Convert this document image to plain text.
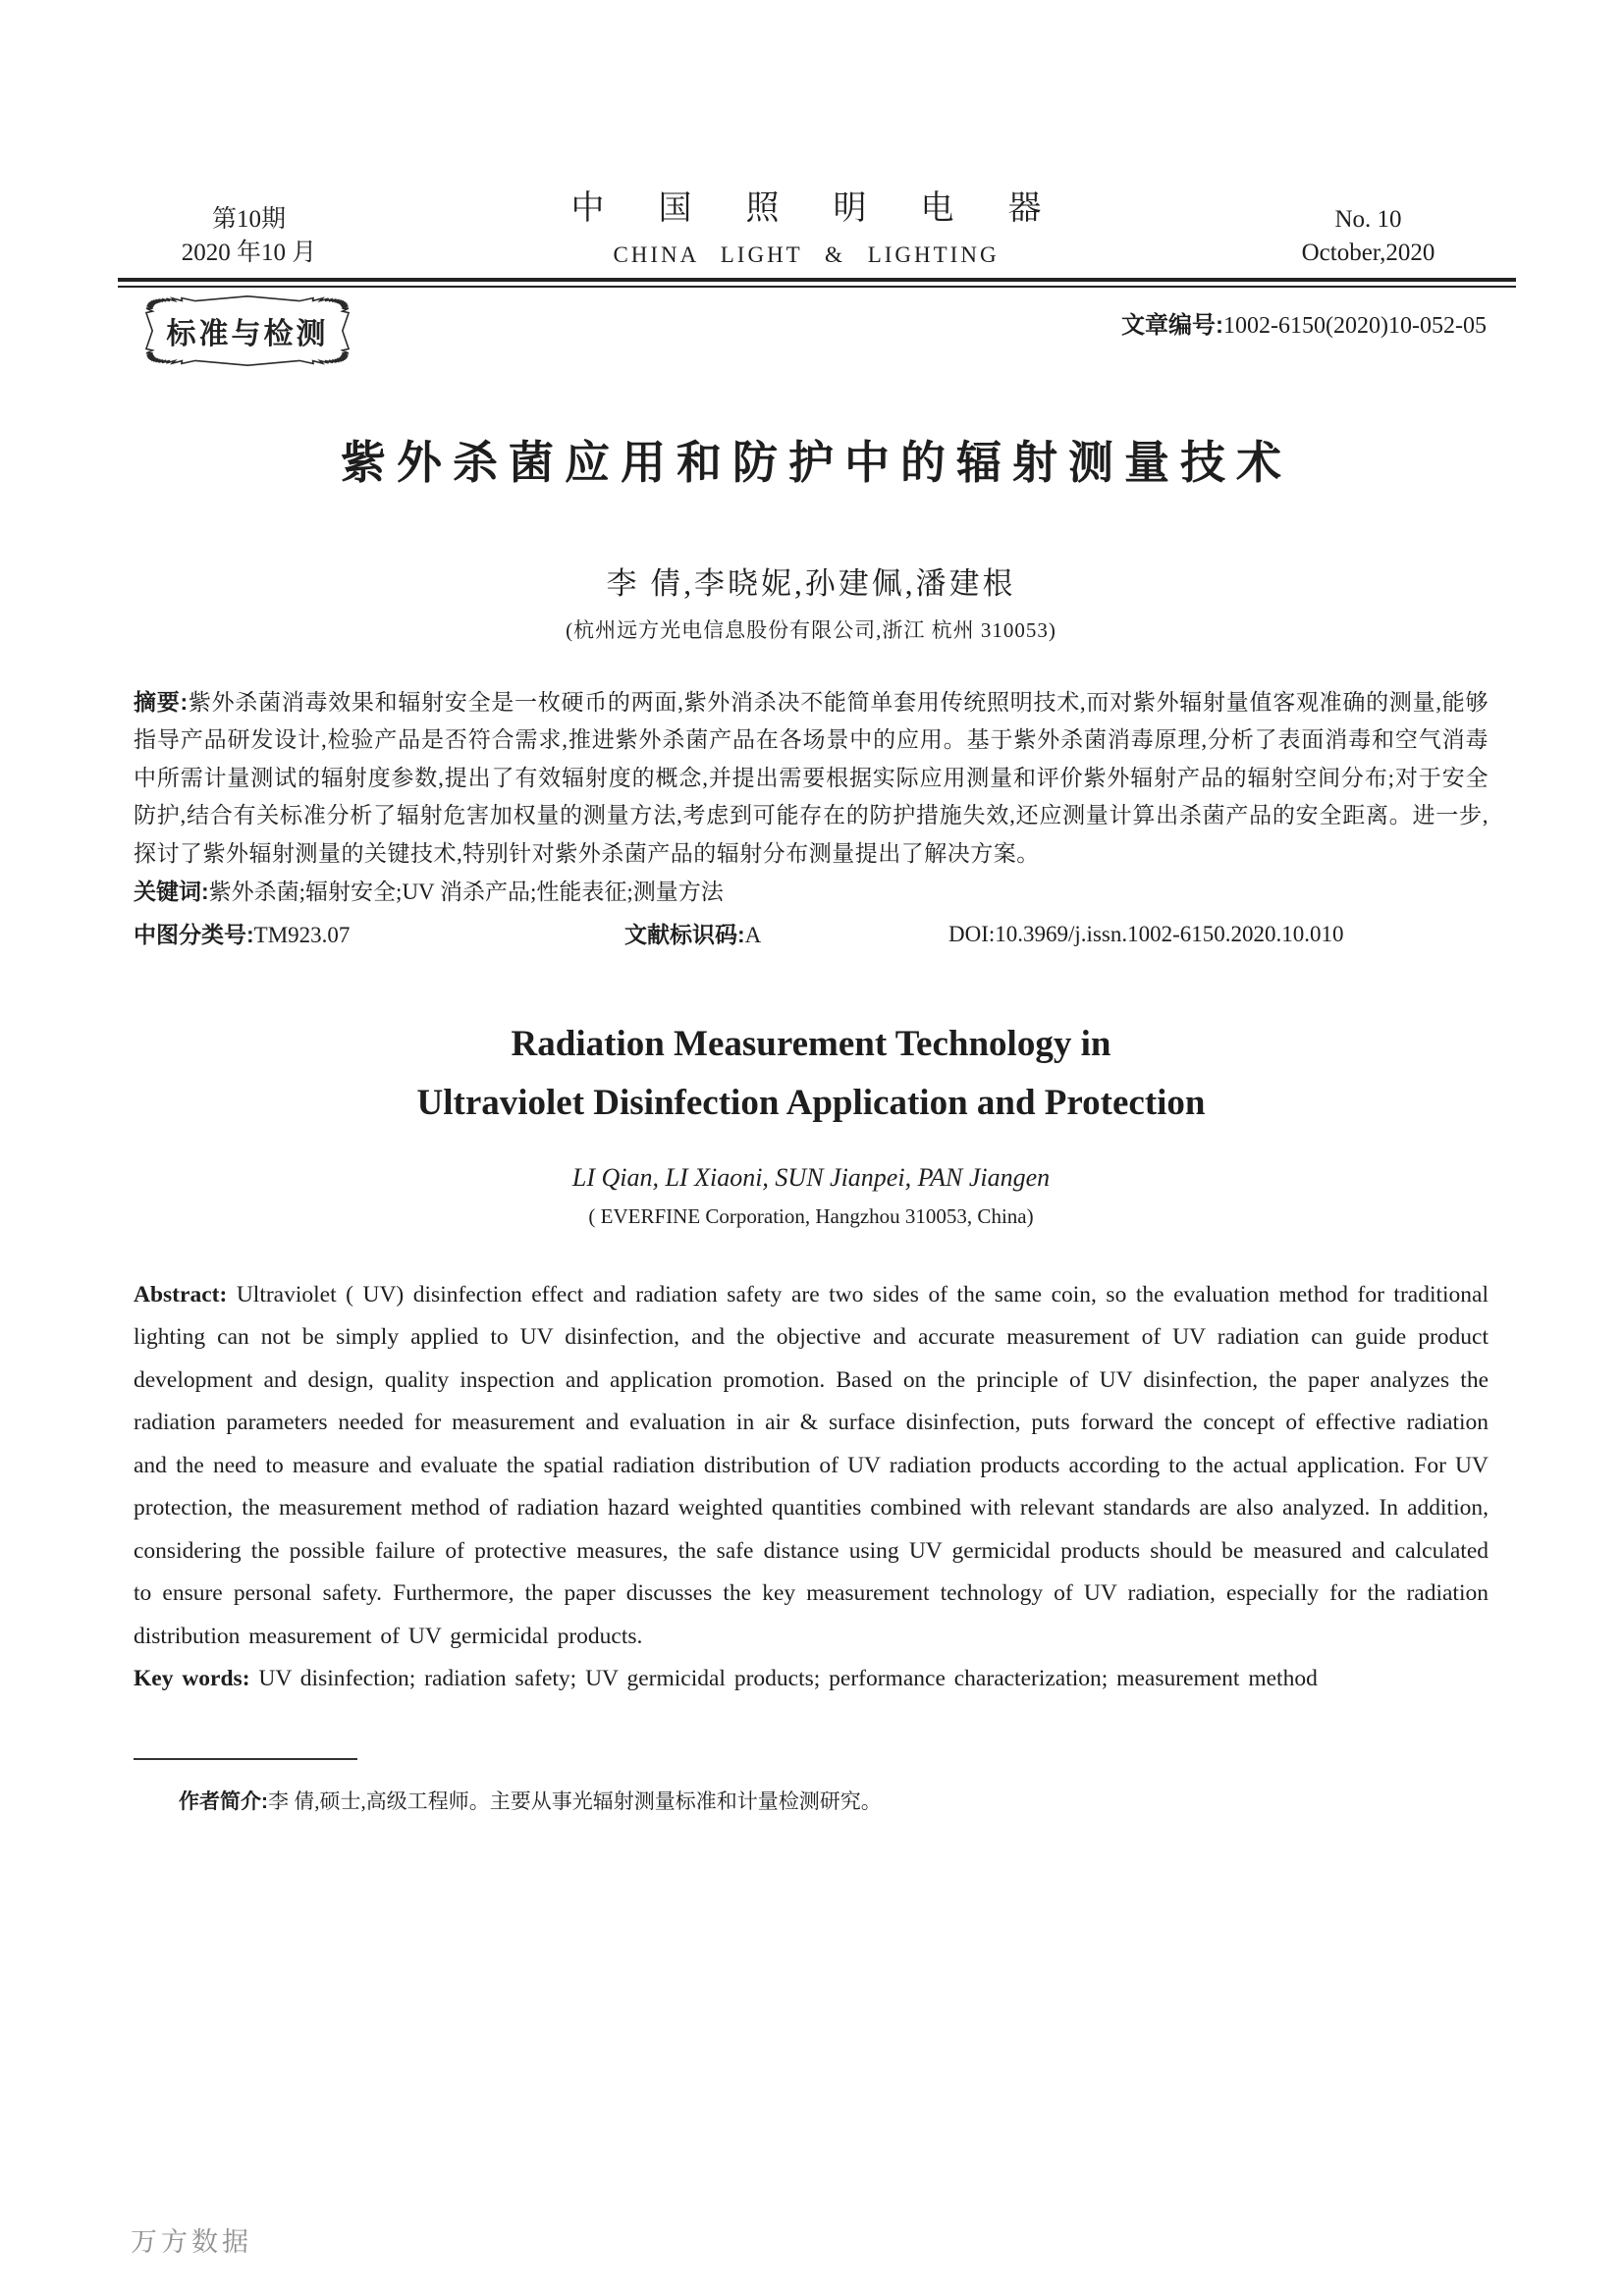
第10期
2020 年10 月
中国照明电器
CHINA LIGHT & LIGHTING
No. 10
October,2020
标准与检测	文章编号:1002-6150(2020)10-052-05
紫外杀菌应用和防护中的辐射测量技术
李 倩,李晓妮,孙建佩,潘建根
(杭州远方光电信息股份有限公司,浙江 杭州 310053)

摘要:紫外杀菌消毒效果和辐射安全是一枚硬币的两面,紫外消杀决不能简单套用传统照明技术,而对紫外辐射量值客观准确的测量,能够指导产品研发设计,检验产品是否符合需求,推进紫外杀菌产品在各场景中的应用。基于紫外杀菌消毒原理,分析了表面消毒和空气消毒中所需计量测试的辐射度参数,提出了有效辐射度的概念,并提出需要根据实际应用测量和评价紫外辐射产品的辐射空间分布;对于安全防护,结合有关标准分析了辐射危害加权量的测量方法,考虑到可能存在的防护措施失效,还应测量计算出杀菌产品的安全距离。进一步,探讨了紫外辐射测量的关键技术,特别针对紫外杀菌产品的辐射分布测量提出了解决方案。

关键词:紫外杀菌;辐射安全;UV 消杀产品;性能表征;测量方法

中图分类号:TM923.07	文献标识码:A	DOI:10.3969/j.issn.1002-6150.2020.10.010
Radiation Measurement Technology in
Ultraviolet Disinfection Application and Protection
LI Qian, LI Xiaoni, SUN Jianpei, PAN Jiangen
( EVERFINE Corporation, Hangzhou 310053, China)

Abstract: Ultraviolet ( UV) disinfection effect and radiation safety are two sides of the same coin, so the evaluation method for traditional lighting can not be simply applied to UV disinfection, and the objective and accurate measurement of UV radiation can guide product development and design, quality inspection and application promotion. Based on the principle of UV disinfection, the paper analyzes the radiation parameters needed for measurement and evaluation in air & surface disinfection, puts forward the concept of effective radiation and the need to measure and evaluate the spatial radiation distribution of UV radiation products according to the actual application. For UV protection, the measurement method of radiation hazard weighted quantities combined with relevant standards are also analyzed. In addition, considering the possible failure of protective measures, the safe distance using UV germicidal products should be measured and calculated to ensure personal safety. Furthermore, the paper discusses the key measurement technology of UV radiation, especially for the radiation distribution measurement of UV germicidal products.

Key words: UV disinfection; radiation safety; UV germicidal products; performance characterization; measurement method

作者简介:李 倩,硕士,高级工程师。主要从事光辐射测量标准和计量检测研究。

万方数据
